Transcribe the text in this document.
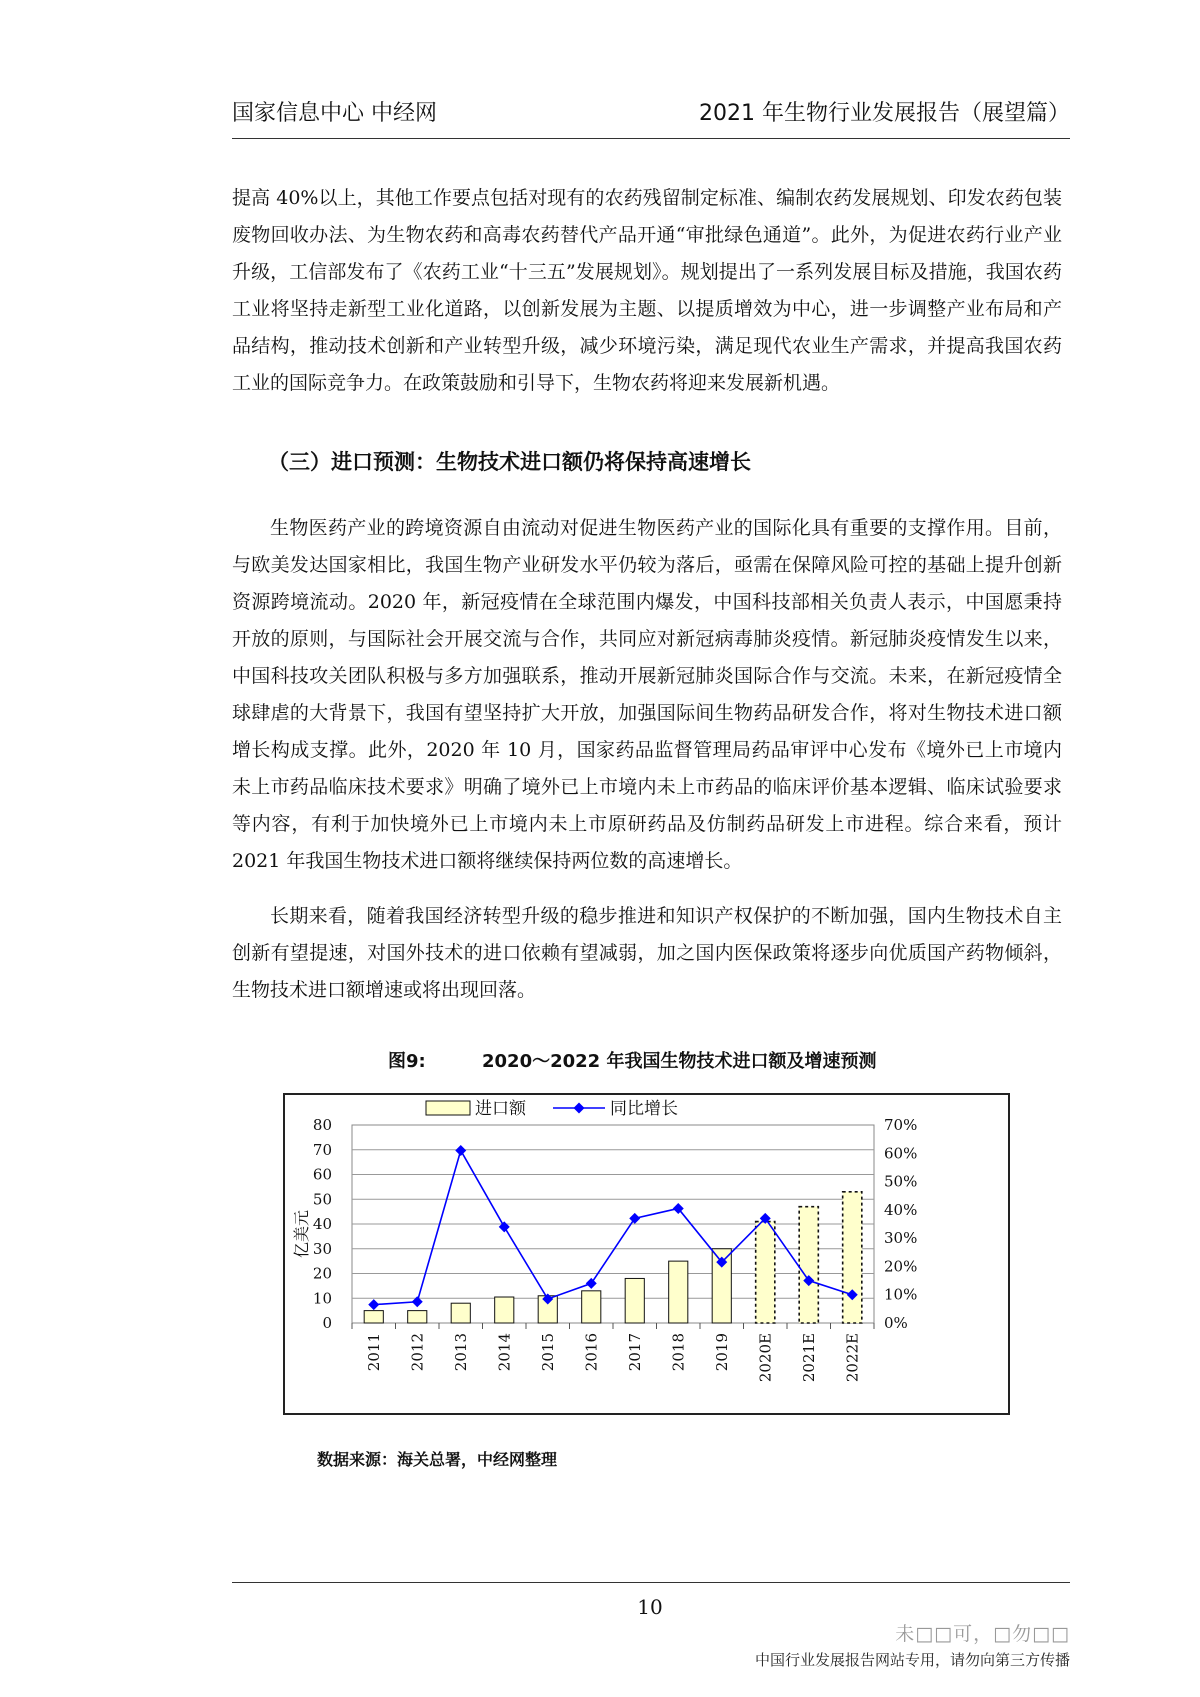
国家信息中心 中经网	2021 年生物行业发展报告（展望篇）

提高 40%以上，其他工作要点包括对现有的农药残留制定标准、编制农药发展规划、印发农药包装废物回收办法、为生物农药和高毒农药替代产品开通“审批绿色通道”。此外，为促进农药行业产业升级，工信部发布了《农药工业“十三五”发展规划》。规划提出了一系列发展目标及措施，我国农药工业将坚持走新型工业化道路，以创新发展为主题、以提质增效为中心，进一步调整产业布局和产品结构，推动技术创新和产业转型升级，减少环境污染，满足现代农业生产需求，并提高我国农药工业的国际竞争力。在政策鼓励和引导下，生物农药将迎来发展新机遇。

（三）进口预测：生物技术进口额仍将保持高速增长

生物医药产业的跨境资源自由流动对促进生物医药产业的国际化具有重要的支撑作用。目前，与欧美发达国家相比，我国生物产业研发水平仍较为落后，亟需在保障风险可控的基础上提升创新资源跨境流动。2020 年，新冠疫情在全球范围内爆发，中国科技部相关负责人表示，中国愿秉持开放的原则，与国际社会开展交流与合作，共同应对新冠病毒肺炎疫情。新冠肺炎疫情发生以来，中国科技攻关团队积极与多方加强联系，推动开展新冠肺炎国际合作与交流。未来，在新冠疫情全球肆虐的大背景下，我国有望坚持扩大开放，加强国际间生物药品研发合作，将对生物技术进口额增长构成支撑。此外，2020 年 10 月，国家药品监督管理局药品审评中心发布《境外已上市境内未上市药品临床技术要求》明确了境外已上市境内未上市药品的临床评价基本逻辑、临床试验要求等内容，有利于加快境外已上市境内未上市原研药品及仿制药品研发上市进程。综合来看，预计 2021 年我国生物技术进口额将继续保持两位数的高速增长。

长期来看，随着我国经济转型升级的稳步推进和知识产权保护的不断加强，国内生物技术自主创新有望提速，对国外技术的进口依赖有望减弱，加之国内医保政策将逐步向优质国产药物倾斜，生物技术进口额增速或将出现回落。

图9:	2020～2022 年我国生物技术进口额及增速预测
0
10
20
30
40
50
60
70
80
0%
10%
20%
30%
40%
50%
60%
70%
亿美元
2011 2012 2013 2014 2015 2016 2017 2018 2019 2020E 2021E 2022E
进口额	同比增长
数据来源：海关总署，中经网整理
10
未□□可，□勿□□
中国行业发展报告网站专用，请勿向第三方传播
